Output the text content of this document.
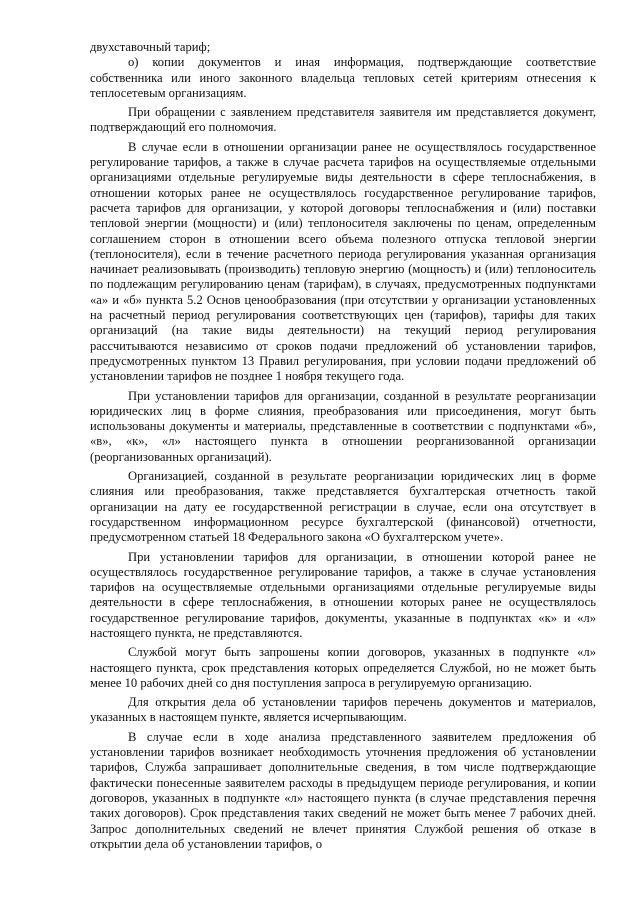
двухставочный тариф;

о) копии документов и иная информация, подтверждающие соответствие собственника или иного законного владельца тепловых сетей критериям отнесения к теплосетевым организациям.

При обращении с заявлением представителя заявителя им представляется документ, подтверждающий его полномочия.

В случае если в отношении организации ранее не осуществлялось государственное регулирование тарифов, а также в случае расчета тарифов на осуществляемые отдельными организациями отдельные регулируемые виды деятельности в сфере теплоснабжения, в отношении которых ранее не осуществлялось государственное регулирование тарифов, расчета тарифов для организации, у которой договоры теплоснабжения и (или) поставки тепловой энергии (мощности) и (или) теплоносителя заключены по ценам, определенным соглашением сторон в отношении всего объема полезного отпуска тепловой энергии (теплоносителя), если в течение расчетного периода регулирования указанная организация начинает реализовывать (производить) тепловую энергию (мощность) и (или) теплоноситель по подлежащим регулированию ценам (тарифам), в случаях, предусмотренных подпунктами «а» и «б» пункта 5.2 Основ ценообразования (при отсутствии у организации установленных на расчетный период регулирования соответствующих цен (тарифов), тарифы для таких организаций (на такие виды деятельности) на текущий период регулирования рассчитываются независимо от сроков подачи предложений об установлении тарифов, предусмотренных пунктом 13 Правил регулирования, при условии подачи предложений об установлении тарифов не позднее 1 ноября текущего года.

При установлении тарифов для организации, созданной в результате реорганизации юридических лиц в форме слияния, преобразования или присоединения, могут быть использованы документы и материалы, представленные в соответствии с подпунктами «б», «в», «к», «л» настоящего пункта в отношении реорганизованной организации (реорганизованных организаций).

Организацией, созданной в результате реорганизации юридических лиц в форме слияния или преобразования, также представляется бухгалтерская отчетность такой организации на дату ее государственной регистрации в случае, если она отсутствует в государственном информационном ресурсе бухгалтерской (финансовой) отчетности, предусмотренном статьей 18 Федерального закона «О бухгалтерском учете».

При установлении тарифов для организации, в отношении которой ранее не осуществлялось государственное регулирование тарифов, а также в случае установления тарифов на осуществляемые отдельными организациями отдельные регулируемые виды деятельности в сфере теплоснабжения, в отношении которых ранее не осуществлялось государственное регулирование тарифов, документы, указанные в подпунктах «к» и «л» настоящего пункта, не представляются.

Службой могут быть запрошены копии договоров, указанных в подпункте «л» настоящего пункта, срок представления которых определяется Службой, но не может быть менее 10 рабочих дней со дня поступления запроса в регулируемую организацию.

Для открытия дела об установлении тарифов перечень документов и материалов, указанных в настоящем пункте, является исчерпывающим.

В случае если в ходе анализа представленного заявителем предложения об установлении тарифов возникает необходимость уточнения предложения об установлении тарифов, Служба запрашивает дополнительные сведения, в том числе подтверждающие фактически понесенные заявителем расходы в предыдущем периоде регулирования, и копии договоров, указанных в подпункте «л» настоящего пункта (в случае представления перечня таких договоров). Срок представления таких сведений не может быть менее 7 рабочих дней. Запрос дополнительных сведений не влечет принятия Службой решения об отказе в открытии дела об установлении тарифов, о
